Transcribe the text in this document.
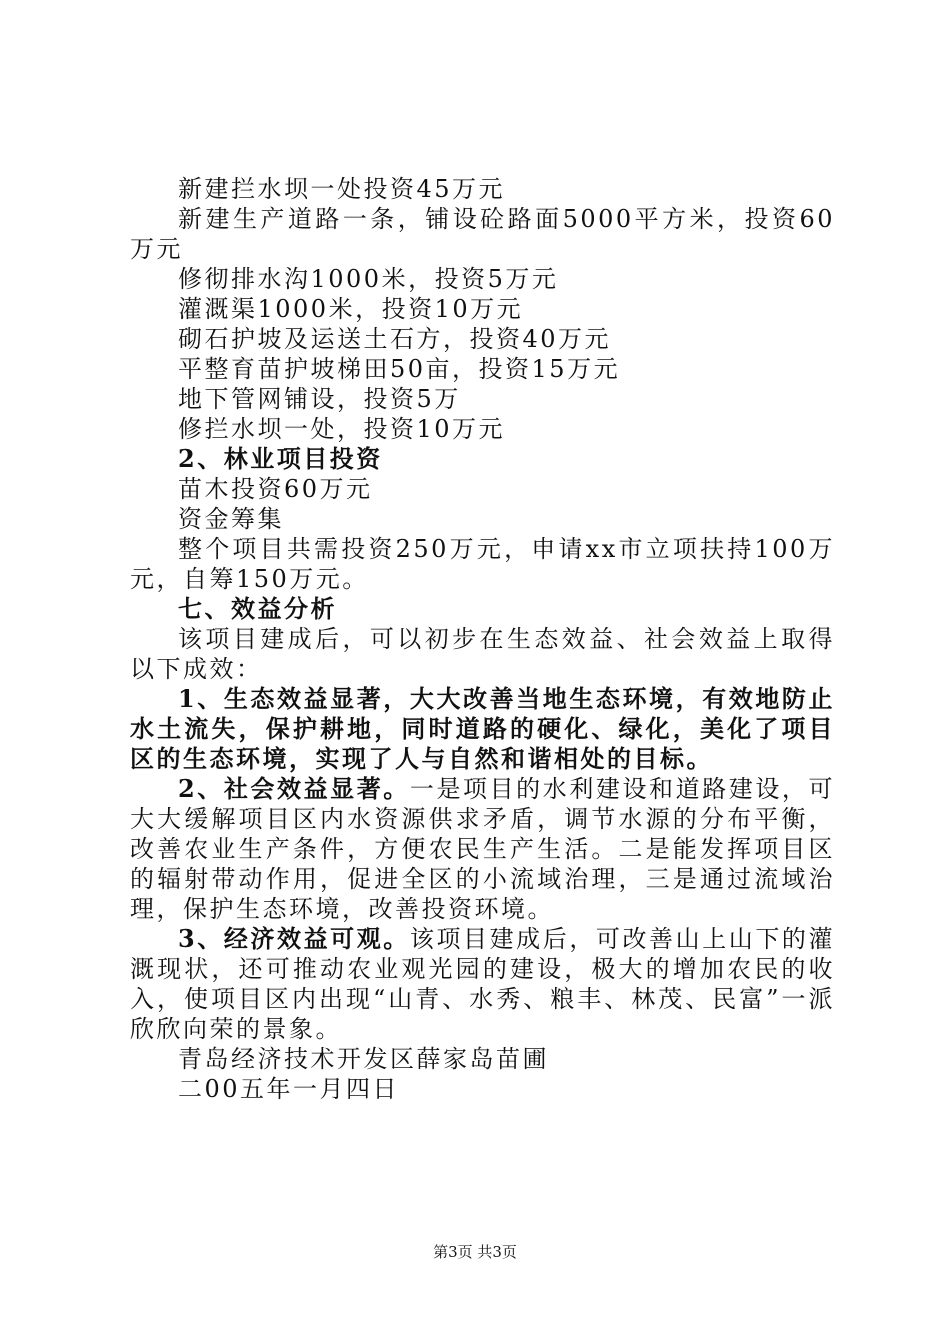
新建拦水坝一处投资45万元

新建生产道路一条，铺设砼路面5000平方米，投资60万元

修彻排水沟1000米，投资5万元

灌溉渠1000米，投资10万元

砌石护坡及运送土石方，投资40万元

平整育苗护坡梯田50亩，投资15万元

地下管网铺设，投资5万

修拦水坝一处，投资10万元

2、林业项目投资

苗木投资60万元

资金筹集

整个项目共需投资250万元，申请xx市立项扶持100万元，自筹150万元。

七、效益分析

该项目建成后，可以初步在生态效益、社会效益上取得以下成效：

1、生态效益显著，大大改善当地生态环境，有效地防止水土流失，保护耕地，同时道路的硬化、绿化，美化了项目区的生态环境，实现了人与自然和谐相处的目标。

2、社会效益显著。一是项目的水利建设和道路建设，可大大缓解项目区内水资源供求矛盾，调节水源的分布平衡，改善农业生产条件，方便农民生产生活。二是能发挥项目区的辐射带动作用，促进全区的小流域治理，三是通过流域治理，保护生态环境，改善投资环境。

3、经济效益可观。该项目建成后，可改善山上山下的灌溉现状，还可推动农业观光园的建设，极大的增加农民的收入，使项目区内出现“山青、水秀、粮丰、林茂、民富”一派欣欣向荣的景象。

青岛经济技术开发区薛家岛苗圃

二00五年一月四日

第3页 共3页
